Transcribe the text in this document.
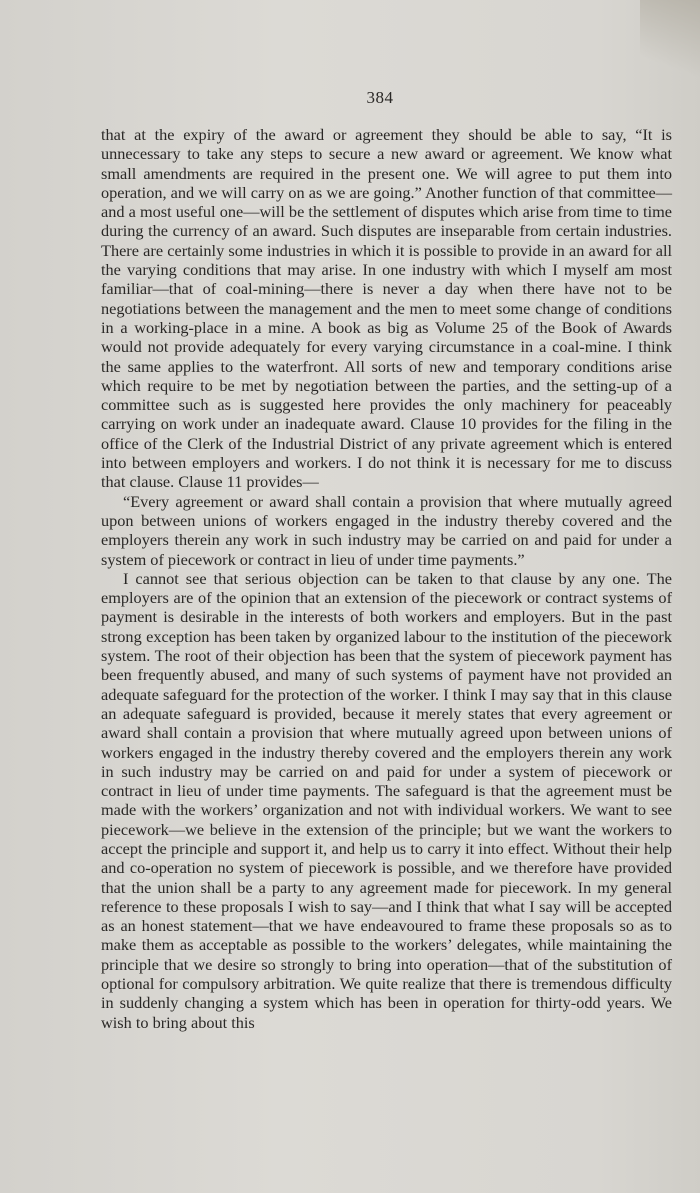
384

that at the expiry of the award or agreement they should be able to say, “It is unnecessary to take any steps to secure a new award or agreement. We know what small amendments are required in the present one. We will agree to put them into operation, and we will carry on as we are going.” Another function of that committee—and a most useful one—will be the settlement of disputes which arise from time to time during the currency of an award. Such disputes are inseparable from certain industries. There are certainly some industries in which it is possible to provide in an award for all the varying conditions that may arise. In one industry with which I myself am most familiar—that of coal-mining—there is never a day when there have not to be negotiations between the management and the men to meet some change of conditions in a working-place in a mine. A book as big as Volume 25 of the Book of Awards would not provide adequately for every varying circumstance in a coal-mine. I think the same applies to the waterfront. All sorts of new and temporary conditions arise which require to be met by negotiation between the parties, and the setting-up of a committee such as is suggested here provides the only machinery for peaceably carrying on work under an inadequate award. Clause 10 provides for the filing in the office of the Clerk of the Industrial District of any private agreement which is entered into between employers and workers. I do not think it is necessary for me to discuss that clause. Clause 11 provides—

“Every agreement or award shall contain a provision that where mutually agreed upon between unions of workers engaged in the industry thereby covered and the employers therein any work in such industry may be carried on and paid for under a system of piecework or contract in lieu of under time payments.”

I cannot see that serious objection can be taken to that clause by any one. The employers are of the opinion that an extension of the piecework or contract systems of payment is desirable in the interests of both workers and employers. But in the past strong exception has been taken by organized labour to the institution of the piecework system. The root of their objection has been that the system of piecework payment has been frequently abused, and many of such systems of payment have not provided an adequate safeguard for the protection of the worker. I think I may say that in this clause an adequate safeguard is provided, because it merely states that every agreement or award shall contain a provision that where mutually agreed upon between unions of workers engaged in the industry thereby covered and the employers therein any work in such industry may be carried on and paid for under a system of piecework or contract in lieu of under time payments. The safeguard is that the agreement must be made with the workers’ organization and not with individual workers. We want to see piecework—we believe in the extension of the principle; but we want the workers to accept the principle and support it, and help us to carry it into effect. Without their help and co-operation no system of piecework is possible, and we therefore have provided that the union shall be a party to any agreement made for piecework. In my general reference to these proposals I wish to say—and I think that what I say will be accepted as an honest statement—that we have endeavoured to frame these proposals so as to make them as acceptable as possible to the workers’ delegates, while maintaining the principle that we desire so strongly to bring into operation—that of the substitution of optional for compulsory arbitration. We quite realize that there is tremendous difficulty in suddenly changing a system which has been in operation for thirty-odd years. We wish to bring about this
